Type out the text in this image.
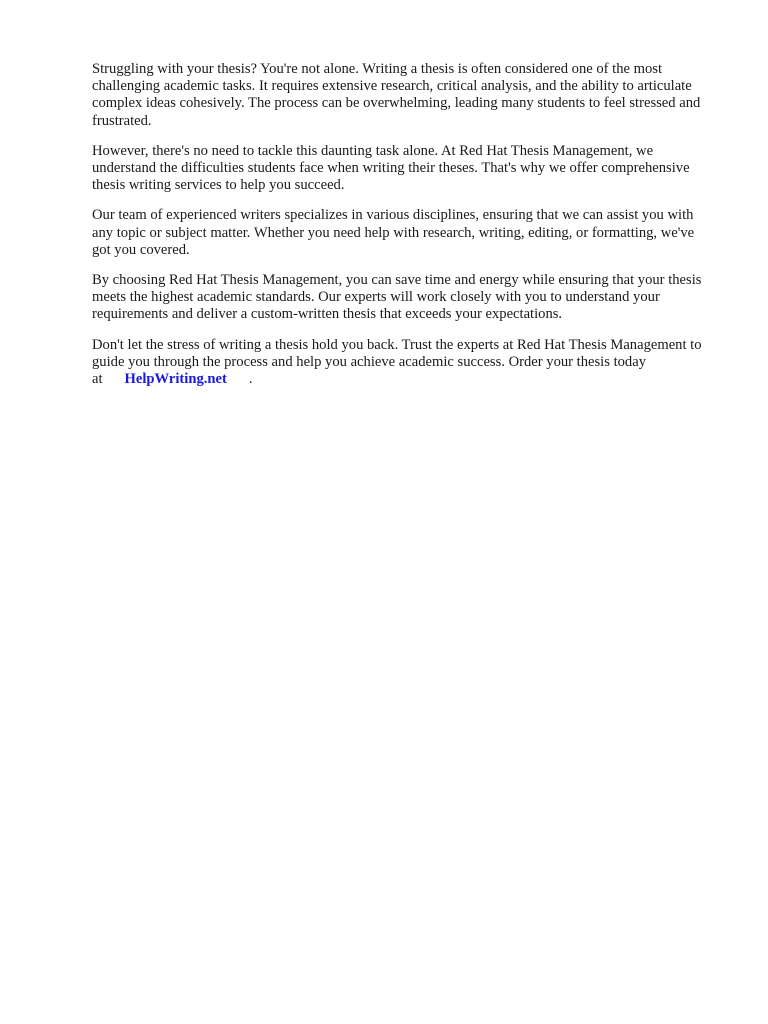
Struggling with your thesis? You're not alone. Writing a thesis is often considered one of the most challenging academic tasks. It requires extensive research, critical analysis, and the ability to articulate complex ideas cohesively. The process can be overwhelming, leading many students to feel stressed and frustrated.

However, there's no need to tackle this daunting task alone. At Red Hat Thesis Management, we understand the difficulties students face when writing their theses. That's why we offer comprehensive thesis writing services to help you succeed.

Our team of experienced writers specializes in various disciplines, ensuring that we can assist you with any topic or subject matter. Whether you need help with research, writing, editing, or formatting, we've got you covered.

By choosing Red Hat Thesis Management, you can save time and energy while ensuring that your thesis meets the highest academic standards. Our experts will work closely with you to understand your requirements and deliver a custom-written thesis that exceeds your expectations.

Don't let the stress of writing a thesis hold you back. Trust the experts at Red Hat Thesis Management to guide you through the process and help you achieve academic success. Order your thesis today at HelpWriting.net .
